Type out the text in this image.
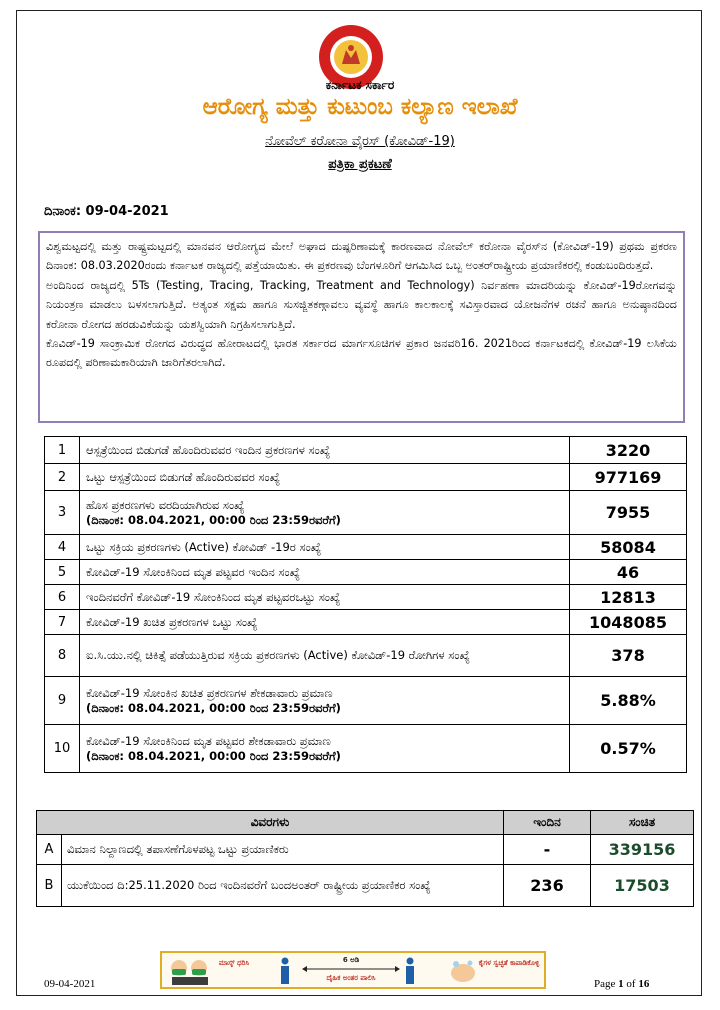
ಕರ್ನಾಟಕ ಸರ್ಕಾರ
ಆರೋಗ್ಯ ಮತ್ತು ಕುಟುಂಬ ಕಲ್ಯಾಣ ಇಲಾಖೆ
ನೋವೆಲ್ ಕರೋನಾ ವೈರಸ್ (ಕೋವಿಡ್-19)
ಪತ್ರಿಕಾ ಪ್ರಕಟಣೆ
ದಿನಾಂಕ: 09-04-2021

ವಿಶ್ವಮಟ್ಟದಲ್ಲಿ ಮತ್ತು ರಾಷ್ಟ್ರಮಟ್ಟದಲ್ಲಿ ಮಾನವನ ಆರೋಗ್ಯದ ಮೇಲೆ ಅಘಾದ ದುಷ್ಪರಿಣಾಮಕ್ಕೆ ಕಾರಣವಾದ ನೋವೆಲ್ ಕರೋನಾ ವೈರಸ್‌ನ (ಕೋವಿಡ್-19) ಪ್ರಥಮ ಪ್ರಕರಣ ದಿನಾಂಕ: 08.03.2020ರಂದು ಕರ್ನಾಟಕ ರಾಜ್ಯದಲ್ಲಿ ಪತ್ತೆಯಾಯಿತು. ಈ ಪ್ರಕರಣವು ಬೆಂಗಳೂರಿಗೆ ಆಗಮಿಸಿದ ಒಬ್ಬ ಅಂತರ್‌ರಾಷ್ಟ್ರೀಯ ಪ್ರಯಾಣಿಕರಲ್ಲಿ ಕಂಡುಬಂದಿರುತ್ತದೆ.

ಅಂದಿನಿಂದ ರಾಜ್ಯದಲ್ಲಿ 5Ts (Testing, Tracing, Tracking, Treatment and Technology) ನಿರ್ವಹಣಾ ಮಾದರಿಯನ್ನು ಕೋವಿಡ್-19ರೋಗವನ್ನು ನಿಯಂತ್ರಣ ಮಾಡಲು ಬಳಸಲಾಗುತ್ತಿದೆ. ಅತ್ಯಂತ ಸಕ್ಷಮ ಹಾಗೂ ಸುಸಜ್ಜಿತಕಣ್ಗಾವಲು ವ್ಯವಸ್ಥೆ ಹಾಗೂ ಕಾಲಕಾಲಕ್ಕೆ ಸವಿಸ್ತಾರವಾದ ಯೋಜನೆಗಳ ರಚನೆ ಹಾಗೂ ಅನುಷ್ಠಾನದಿಂದ ಕರೋನಾ ರೋಗದ ಹರಡುವಿಕೆಯನ್ನು ಯಶಸ್ವಿಯಾಗಿ ನಿಗ್ರಹಿಸಲಾಗುತ್ತಿದೆ.

ಕೊವಿಡ್-19 ಸಾಂಕ್ರಾಮಿಕ ರೋಗದ ವಿರುದ್ಧದ ಹೋರಾಟದಲ್ಲಿ ಭಾರತ ಸರ್ಕಾರದ ಮಾರ್ಗಸೂಚಿಗಳ ಪ್ರಕಾರ ಜನವರಿ16. 2021ರಿಂದ ಕರ್ನಾಟಕದಲ್ಲಿ ಕೋವಿಡ್-19 ಲಸಿಕೆಯ ರೂಪದಲ್ಲಿ ಪರಿಣಾಮಕಾರಿಯಾಗಿ ಜಾರಿಗೆತರಲಾಗಿದೆ.

1	ಆಸ್ಪತ್ರೆಯಿಂದ ಬಿಡುಗಡೆ ಹೊಂದಿರುವವರ ಇಂದಿನ ಪ್ರಕರಣಗಳ ಸಂಖ್ಯೆ	3220
2	ಒಟ್ಟು ಆಸ್ಪತ್ರೆಯಿಂದ ಬಿಡುಗಡೆ ಹೊಂದಿರುವವರ ಸಂಖ್ಯೆ	977169
3	ಹೊಸ ಪ್ರಕರಣಗಳು ವರದಿಯಾಗಿರುವ ಸಂಖ್ಯೆ
(ದಿನಾಂಕ: 08.04.2021, 00:00 ರಿಂದ 23:59ರವರೆಗೆ)	7955
4	ಒಟ್ಟು ಸಕ್ರಿಯ ಪ್ರಕರಣಗಳು (Active) ಕೋವಿಡ್ -19ರ ಸಂಖ್ಯೆ	58084
5	ಕೋವಿಡ್-19 ಸೋಂಕಿನಿಂದ ಮೃತ ಪಟ್ಟವರ ಇಂದಿನ ಸಂಖ್ಯೆ	46
6	ಇಂದಿನವರೆಗೆ ಕೋವಿಡ್-19 ಸೋಂಕಿನಿಂದ ಮೃತ ಪಟ್ಟವರಒಟ್ಟು ಸಂಖ್ಯೆ	12813
7	ಕೋವಿಡ್-19 ಖಚಿತ ಪ್ರಕರಣಗಳ ಒಟ್ಟು ಸಂಖ್ಯೆ	1048085
8	ಐ.ಸಿ.ಯು.ನಲ್ಲಿ ಚಿಕಿತ್ಸೆ ಪಡೆಯುತ್ತಿರುವ ಸಕ್ರಿಯ ಪ್ರಕರಣಗಳು (Active) ಕೋವಿಡ್-19 ರೋಗಿಗಳ ಸಂಖ್ಯೆ	378
9	ಕೋವಿಡ್-19 ಸೋಂಕಿನ ಖಚಿತ ಪ್ರಕರಣಗಳ ಶೇಕಡಾವಾರು ಪ್ರಮಾಣ
(ದಿನಾಂಕ: 08.04.2021, 00:00 ರಿಂದ 23:59ರವರೆಗೆ)	5.88%
10	ಕೋವಿಡ್-19 ಸೋಂಕಿನಿಂದ ಮೃತ ಪಟ್ಟವರ ಶೇಕಡಾವಾರು ಪ್ರಮಾಣ
(ದಿನಾಂಕ: 08.04.2021, 00:00 ರಿಂದ 23:59ರವರೆಗೆ)	0.57%
ವಿವರಗಳು		ಇಂದಿನ	ಸಂಚಿತ
A	ವಿಮಾನ ನಿಲ್ದಾಣದಲ್ಲಿ ತಪಾಸಣೆಗೊಳಪಟ್ಟ ಒಟ್ಟು ಪ್ರಯಾಣಿಕರು	-	339156
B	ಯುಕೆಯಿಂದ ದಿ:25.11.2020 ರಿಂದ ಇಂದಿನವರೆಗೆ ಬಂದಅಂತರ್ ರಾಷ್ಟ್ರೀಯ ಪ್ರಯಾಣಿಕರ ಸಂಖ್ಯೆ	236	17503
ಮಾಸ್ಕ್ ಧರಿಸಿ	6 ಅಡಿ
ದೈಹಿಕ ಅಂತರ ಪಾಲಿಸಿ
ಕೈಗಳ ಸ್ವಚ್ಛತೆ ಕಾಪಾಡಿಕೊಳ್ಳಿ
09-04-2021	Page 1 of 16
